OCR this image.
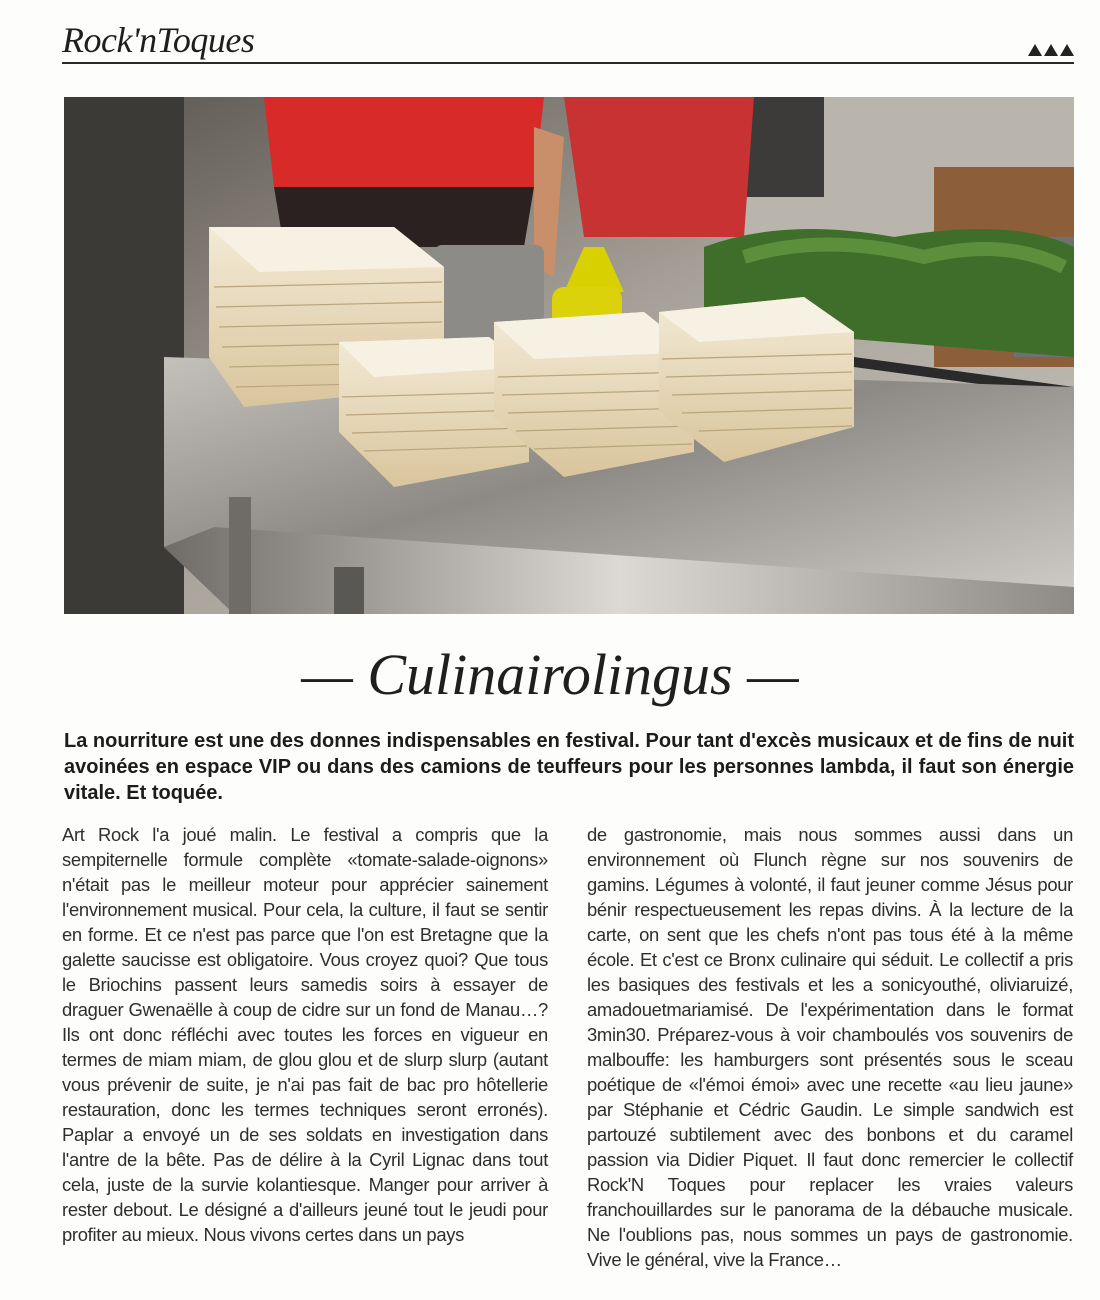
Rock'nToques
— Culinairolingus —
La nourriture est une des donnes indispensables en festival. Pour tant d'excès musicaux et de fins de nuit avoinées en espace VIP ou dans des camions de teuffeurs pour les personnes lambda, il faut son énergie vitale. Et toquée.
Art Rock l'a joué malin. Le festival a compris que la sempiternelle formule complète «tomate-salade-oignons» n'était pas le meilleur moteur pour apprécier sainement l'environnement musical. Pour cela, la culture, il faut se sentir en forme. Et ce n'est pas parce que l'on est Bretagne que la galette saucisse est obligatoire. Vous croyez quoi? Que tous le Briochins passent leurs samedis soirs à essayer de draguer Gwenaëlle à coup de cidre sur un fond de Manau…? Ils ont donc réfléchi avec toutes les forces en vigueur en termes de miam miam, de glou glou et de slurp slurp (autant vous prévenir de suite, je n'ai pas fait de bac pro hôtellerie restauration, donc les termes techniques seront erronés). Paplar a envoyé un de ses soldats en investigation dans l'antre de la bête. Pas de délire à la Cyril Lignac dans tout cela, juste de la survie kolantiesque. Manger pour arriver à rester debout. Le désigné a d'ailleurs jeuné tout le jeudi pour profiter au mieux. Nous vivons certes dans un pays
de gastronomie, mais nous sommes aussi dans un environnement où Flunch règne sur nos souvenirs de gamins. Légumes à volonté, il faut jeuner comme Jésus pour bénir respectueusement les repas divins. À la lecture de la carte, on sent que les chefs n'ont pas tous été à la même école. Et c'est ce Bronx culinaire qui séduit. Le collectif a pris les basiques des festivals et les a sonicyouthé, oliviaruizé, amadouetmariamisé. De l'expérimentation dans le format 3min30. Préparez-vous à voir chamboulés vos souvenirs de malbouffe: les hamburgers sont présentés sous le sceau poétique de «l'émoi émoi» avec une recette «au lieu jaune» par Stéphanie et Cédric Gaudin. Le simple sandwich est partouzé subtilement avec des bonbons et du caramel passion via Didier Piquet. Il faut donc remercier le collectif Rock'N Toques pour replacer les vraies valeurs franchouillardes sur le panorama de la débauche musicale. Ne l'oublions pas, nous sommes un pays de gastronomie. Vive le général, vive la France…
